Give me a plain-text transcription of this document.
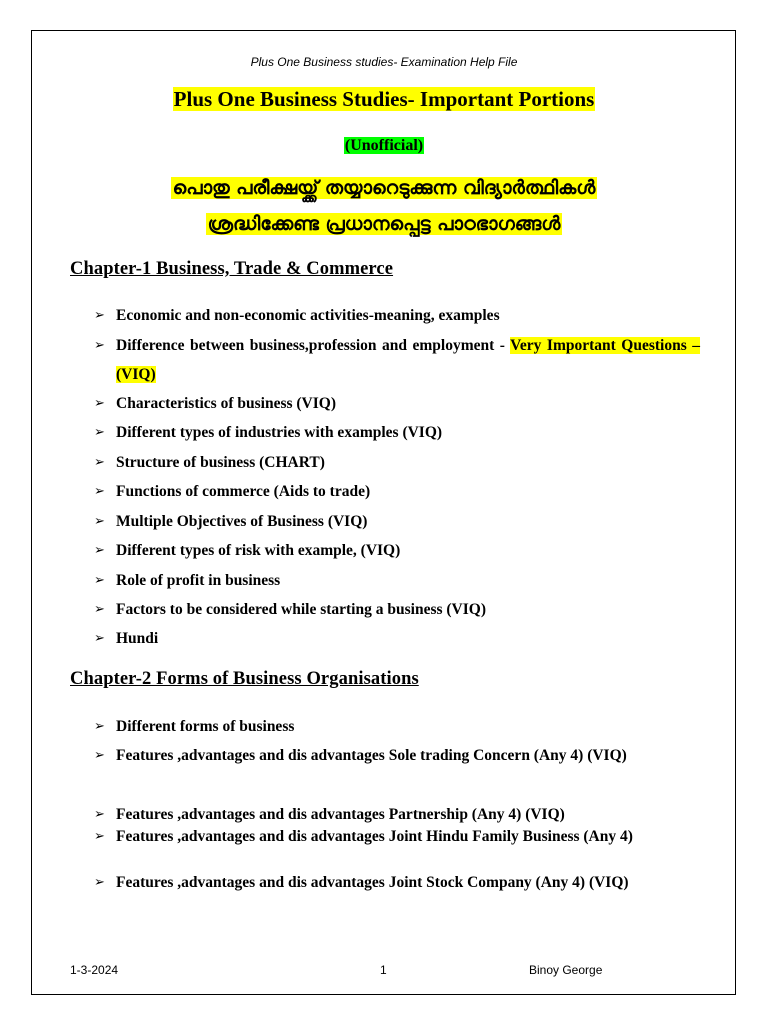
Plus One Business studies- Examination Help File
Plus One Business Studies- Important Portions
(Unofficial)
പൊതു പരീക്ഷയ്ക്ക് തയ്യാറെടുക്കുന്ന വിദ്യാർത്ഥികൾ
ശ്രദ്ധിക്കേണ്ട പ്രധാനപ്പെട്ട പാഠഭാഗങ്ങൾ
Chapter-1 Business, Trade & Commerce
➢ Economic and non-economic activities-meaning, examples
➢ Difference between business,profession and employment - Very Important Questions –(VIQ)
➢ Characteristics of business (VIQ)
➢ Different types of industries with examples (VIQ)
➢ Structure of business (CHART)
➢ Functions of commerce (Aids to trade)
➢ Multiple Objectives of Business (VIQ)
➢ Different types of risk with example, (VIQ)
➢ Role of profit in business
➢ Factors to be considered while starting a business (VIQ)
➢ Hundi
Chapter-2 Forms of Business Organisations
➢ Different forms of business
➢ Features ,advantages and dis advantages Sole trading Concern (Any 4) (VIQ)
➢ Features ,advantages and dis advantages Partnership (Any 4) (VIQ)
➢ Features ,advantages and dis advantages Joint Hindu Family Business (Any 4)
➢ Features ,advantages and dis advantages Joint Stock Company (Any 4) (VIQ)
1-3-2024	1	Binoy George
